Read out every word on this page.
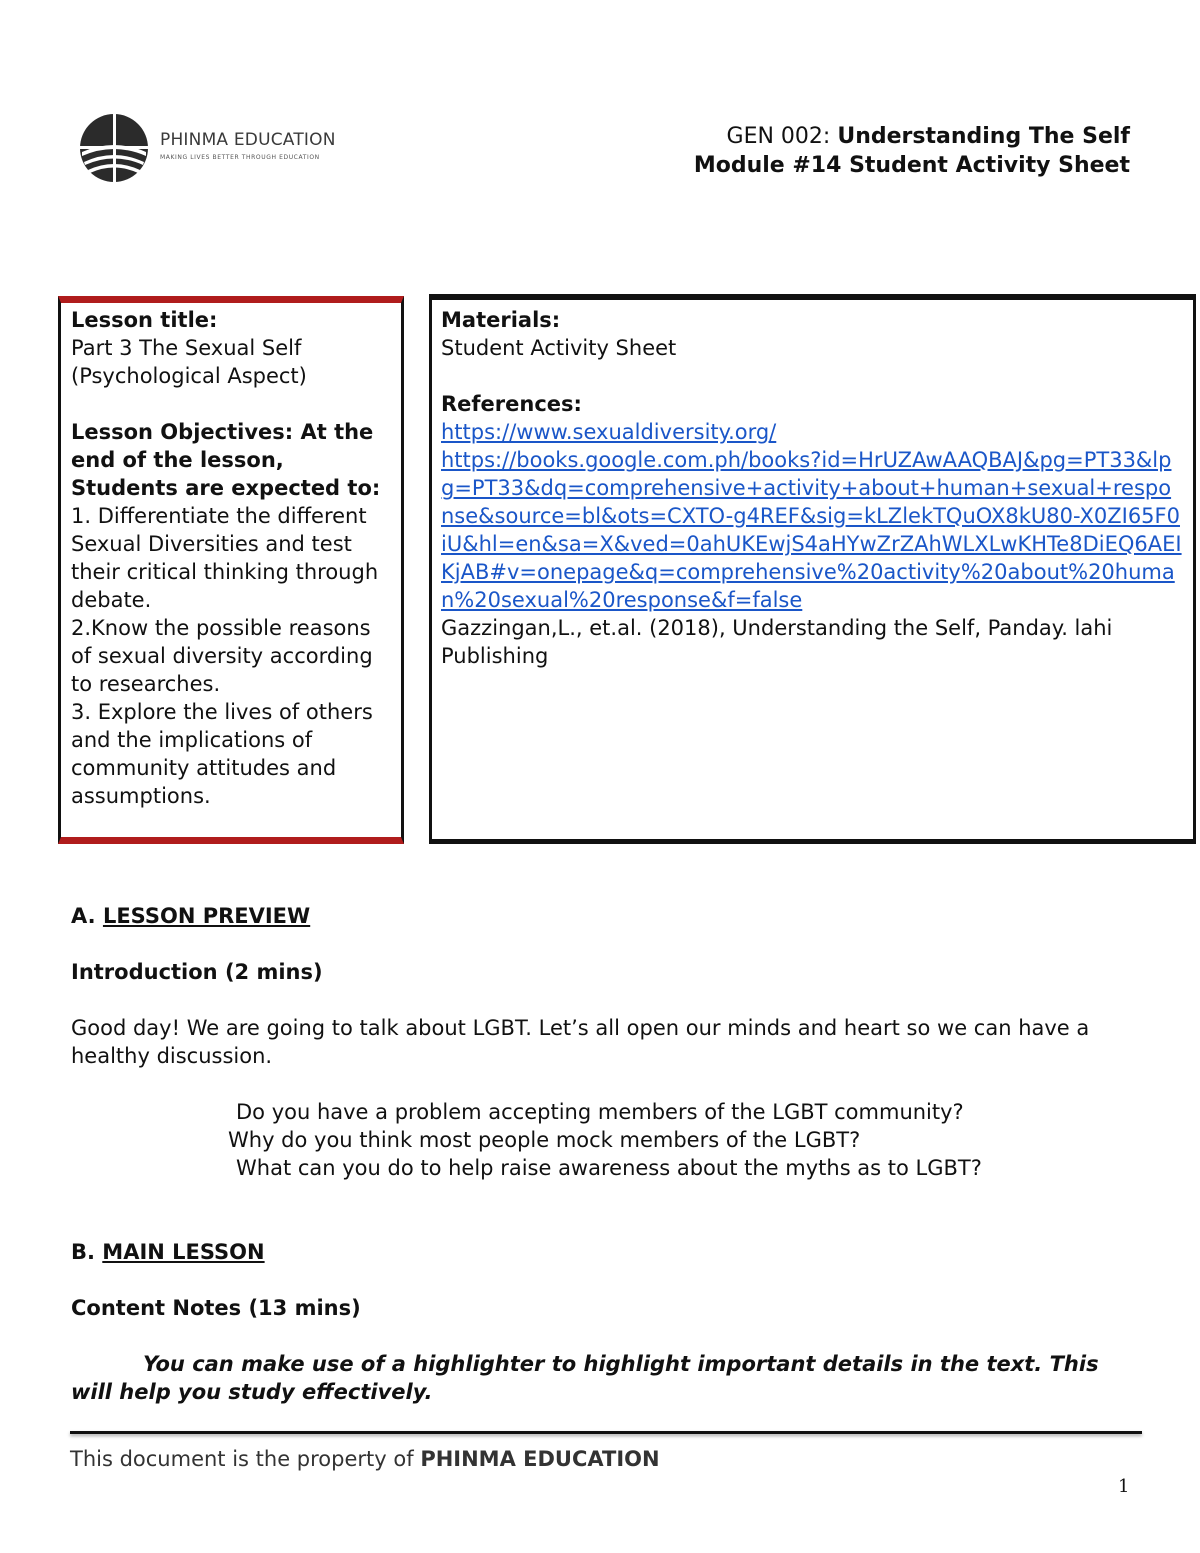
PHINMA EDUCATION
MAKING LIVES BETTER THROUGH EDUCATION
GEN 002: Understanding The Self
Module #14 Student Activity Sheet

Lesson title:

Part 3 The Sexual Self

(Psychological Aspect)

Lesson Objectives: At the end of the lesson, Students are expected to:

1. Differentiate the different Sexual Diversities and test their critical thinking through debate.

2.Know the possible reasons of sexual diversity according to researches.

3. Explore the lives of others and the implications of community attitudes and assumptions.

Materials:

Student Activity Sheet

References:

https://www.sexualdiversity.org/

https://books.google.com.ph/books?id=HrUZAwAAQBAJ&pg=PT33&lpg=PT33&dq=comprehensive+activity+about+human+sexual+response&source=bl&ots=CXTO-g4REF&sig=kLZlekTQuOX8kU80-X0ZI65F0iU&hl=en&sa=X&ved=0ahUKEwjS4aHYwZrZAhWLXLwKHTe8DiEQ6AEIKjAB#v=onepage&q=comprehensive%20activity%20about%20human%20sexual%20response&f=false

Gazzingan,L., et.al. (2018), Understanding the Self, Panday. lahi Publishing

A. LESSON PREVIEW
Introduction (2 mins)
Good day! We are going to talk about LGBT. Let’s all open our minds and heart so we can have a healthy discussion.
Do you have a problem accepting members of the LGBT community?
Why do you think most people mock members of the LGBT?
What can you do to help raise awareness about the myths as to LGBT?
B. MAIN LESSON
Content Notes (13 mins)
You can make use of a highlighter to highlight important details in the text. This will help you study effectively.
This document is the property of PHINMA EDUCATION
1
